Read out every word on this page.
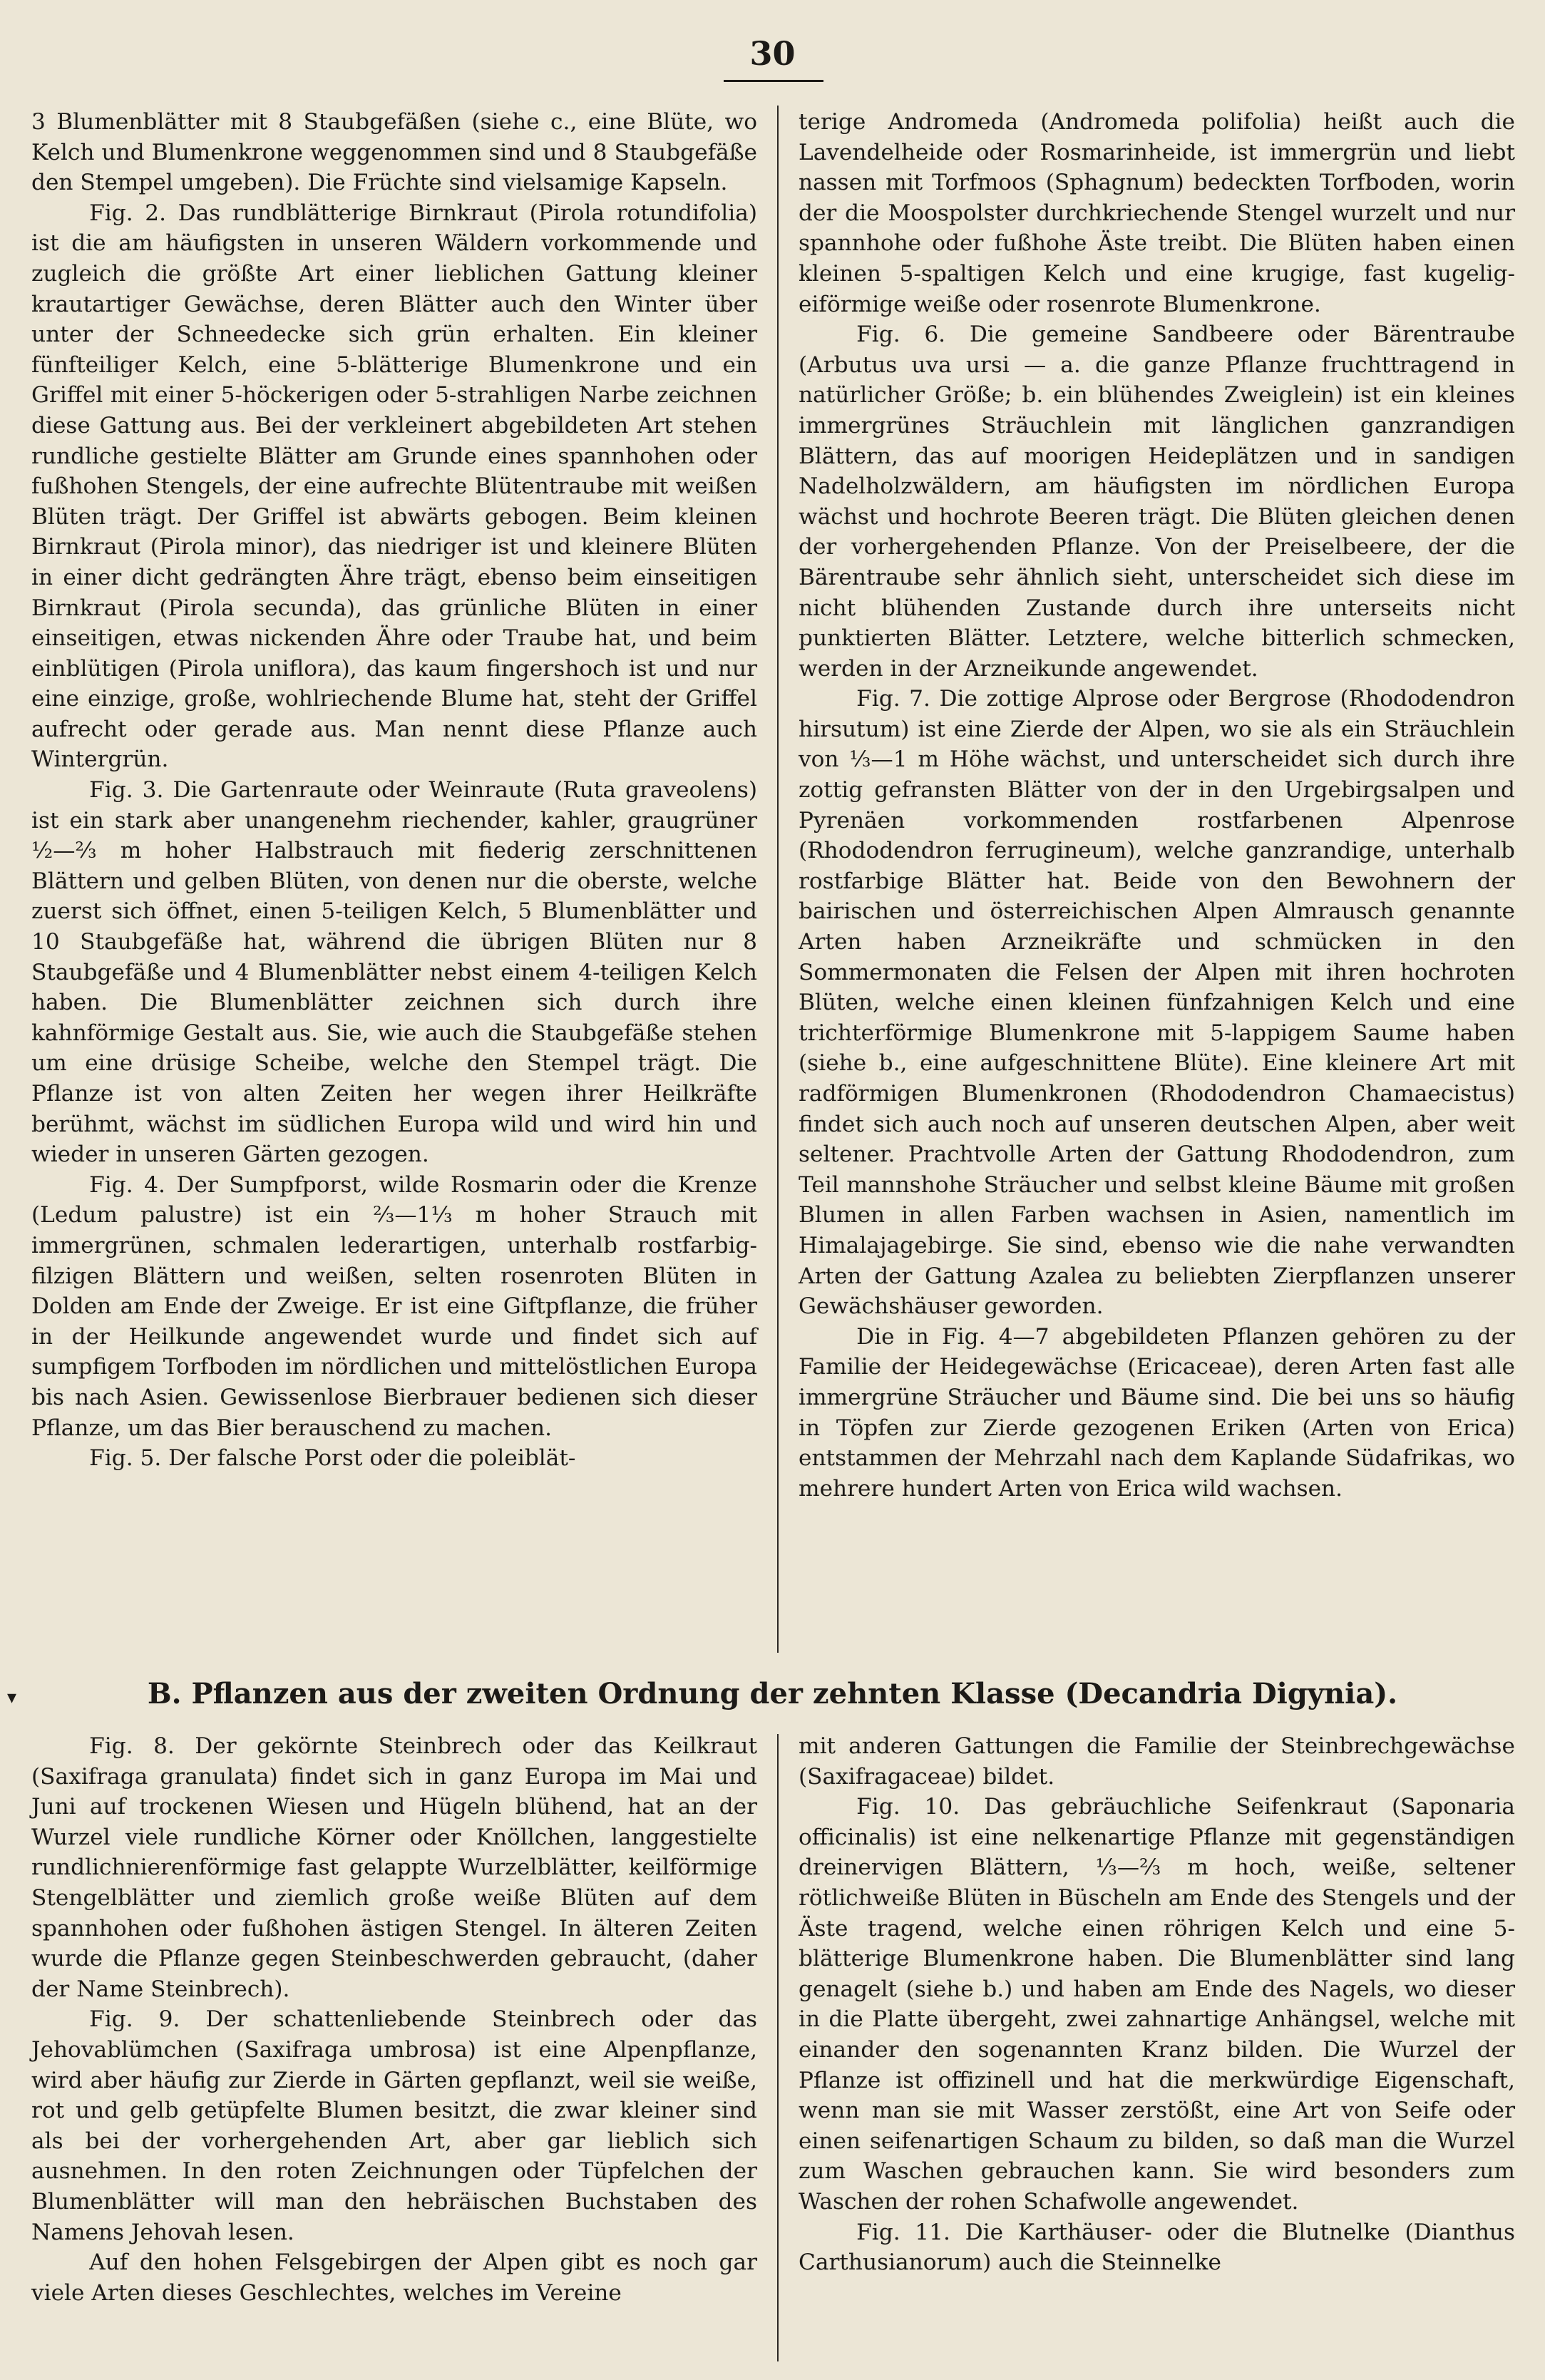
30

3 Blumenblätter mit 8 Staubgefäßen (siehe c., eine Blüte, wo Kelch und Blumenkrone weggenommen sind und 8 Staubgefäße den Stempel umgeben). Die Früchte sind vielsamige Kapseln.

Fig. 2. Das rundblätterige Birnkraut (Pirola rotundifolia) ist die am häufigsten in unseren Wäldern vorkommende und zugleich die größte Art einer lieblichen Gattung kleiner krautartiger Gewächse, deren Blätter auch den Winter über unter der Schneedecke sich grün erhalten. Ein kleiner fünfteiliger Kelch, eine 5-blätterige Blumenkrone und ein Griffel mit einer 5-höckerigen oder 5-strahligen Narbe zeichnen diese Gattung aus. Bei der verkleinert abgebildeten Art stehen rundliche gestielte Blätter am Grunde eines spannhohen oder fußhohen Stengels, der eine aufrechte Blütentraube mit weißen Blüten trägt. Der Griffel ist abwärts gebogen. Beim kleinen Birnkraut (Pirola minor), das niedriger ist und kleinere Blüten in einer dicht gedrängten Ähre trägt, ebenso beim einseitigen Birnkraut (Pirola secunda), das grünliche Blüten in einer einseitigen, etwas nickenden Ähre oder Traube hat, und beim einblütigen (Pirola uniflora), das kaum fingershoch ist und nur eine einzige, große, wohlriechende Blume hat, steht der Griffel aufrecht oder gerade aus. Man nennt diese Pflanze auch Wintergrün.

Fig. 3. Die Gartenraute oder Weinraute (Ruta graveolens) ist ein stark aber unangenehm riechender, kahler, graugrüner ½—⅔ m hoher Halbstrauch mit fiederig zerschnittenen Blättern und gelben Blüten, von denen nur die oberste, welche zuerst sich öffnet, einen 5-teiligen Kelch, 5 Blumenblätter und 10 Staubgefäße hat, während die übrigen Blüten nur 8 Staubgefäße und 4 Blumenblätter nebst einem 4-teiligen Kelch haben. Die Blumenblätter zeichnen sich durch ihre kahnförmige Gestalt aus. Sie, wie auch die Staubgefäße stehen um eine drüsige Scheibe, welche den Stempel trägt. Die Pflanze ist von alten Zeiten her wegen ihrer Heilkräfte berühmt, wächst im südlichen Europa wild und wird hin und wieder in unseren Gärten gezogen.

Fig. 4. Der Sumpfporst, wilde Rosmarin oder die Krenze (Ledum palustre) ist ein ⅔—1⅓ m hoher Strauch mit immergrünen, schmalen lederartigen, unterhalb rostfarbig-filzigen Blättern und weißen, selten rosenroten Blüten in Dolden am Ende der Zweige. Er ist eine Giftpflanze, die früher in der Heilkunde angewendet wurde und findet sich auf sumpfigem Torfboden im nördlichen und mittelöstlichen Europa bis nach Asien. Gewissenlose Bierbrauer bedienen sich dieser Pflanze, um das Bier berauschend zu machen.

Fig. 5. Der falsche Porst oder die poleiblät-

terige Andromeda (Andromeda polifolia) heißt auch die Lavendelheide oder Rosmarinheide, ist immergrün und liebt nassen mit Torfmoos (Sphagnum) bedeckten Torfboden, worin der die Moospolster durchkriechende Stengel wurzelt und nur spannhohe oder fußhohe Äste treibt. Die Blüten haben einen kleinen 5-spaltigen Kelch und eine krugige, fast kugelig-eiförmige weiße oder rosenrote Blumenkrone.

Fig. 6. Die gemeine Sandbeere oder Bärentraube (Arbutus uva ursi — a. die ganze Pflanze fruchttragend in natürlicher Größe; b. ein blühendes Zweiglein) ist ein kleines immergrünes Sträuchlein mit länglichen ganzrandigen Blättern, das auf moorigen Heideplätzen und in sandigen Nadelholzwäldern, am häufigsten im nördlichen Europa wächst und hochrote Beeren trägt. Die Blüten gleichen denen der vorhergehenden Pflanze. Von der Preiselbeere, der die Bärentraube sehr ähnlich sieht, unterscheidet sich diese im nicht blühenden Zustande durch ihre unterseits nicht punktierten Blätter. Letztere, welche bitterlich schmecken, werden in der Arzneikunde angewendet.

Fig. 7. Die zottige Alprose oder Bergrose (Rhododendron hirsutum) ist eine Zierde der Alpen, wo sie als ein Sträuchlein von ⅓—1 m Höhe wächst, und unterscheidet sich durch ihre zottig gefransten Blätter von der in den Urgebirgsalpen und Pyrenäen vorkommenden rostfarbenen Alpenrose (Rhododendron ferrugineum), welche ganzrandige, unterhalb rostfarbige Blätter hat. Beide von den Bewohnern der bairischen und österreichischen Alpen Almrausch genannte Arten haben Arzneikräfte und schmücken in den Sommermonaten die Felsen der Alpen mit ihren hochroten Blüten, welche einen kleinen fünfzahnigen Kelch und eine trichterförmige Blumenkrone mit 5-lappigem Saume haben (siehe b., eine aufgeschnittene Blüte). Eine kleinere Art mit radförmigen Blumenkronen (Rhododendron Chamaecistus) findet sich auch noch auf unseren deutschen Alpen, aber weit seltener. Prachtvolle Arten der Gattung Rhododendron, zum Teil mannshohe Sträucher und selbst kleine Bäume mit großen Blumen in allen Farben wachsen in Asien, namentlich im Himalajagebirge. Sie sind, ebenso wie die nahe verwandten Arten der Gattung Azalea zu beliebten Zierpflanzen unserer Gewächshäuser geworden.

Die in Fig. 4—7 abgebildeten Pflanzen gehören zu der Familie der Heidegewächse (Ericaceae), deren Arten fast alle immergrüne Sträucher und Bäume sind. Die bei uns so häufig in Töpfen zur Zierde gezogenen Eriken (Arten von Erica) entstammen der Mehrzahl nach dem Kaplande Südafrikas, wo mehrere hundert Arten von Erica wild wachsen.

▾	B. Pflanzen aus der zweiten Ordnung der zehnten Klasse (Decandria Digynia).

Fig. 8. Der gekörnte Steinbrech oder das Keilkraut (Saxifraga granulata) findet sich in ganz Europa im Mai und Juni auf trockenen Wiesen und Hügeln blühend, hat an der Wurzel viele rundliche Körner oder Knöllchen, langgestielte rundlichnierenförmige fast gelappte Wurzelblätter, keilförmige Stengelblätter und ziemlich große weiße Blüten auf dem spannhohen oder fußhohen ästigen Stengel. In älteren Zeiten wurde die Pflanze gegen Steinbeschwerden gebraucht, (daher der Name Steinbrech).

Fig. 9. Der schattenliebende Steinbrech oder das Jehovablümchen (Saxifraga umbrosa) ist eine Alpenpflanze, wird aber häufig zur Zierde in Gärten gepflanzt, weil sie weiße, rot und gelb getüpfelte Blumen besitzt, die zwar kleiner sind als bei der vorhergehenden Art, aber gar lieblich sich ausnehmen. In den roten Zeichnungen oder Tüpfelchen der Blumenblätter will man den hebräischen Buchstaben des Namens Jehovah lesen.

Auf den hohen Felsgebirgen der Alpen gibt es noch gar viele Arten dieses Geschlechtes, welches im Vereine

mit anderen Gattungen die Familie der Steinbrechgewächse (Saxifragaceae) bildet.

Fig. 10. Das gebräuchliche Seifenkraut (Saponaria officinalis) ist eine nelkenartige Pflanze mit gegenständigen dreinervigen Blättern, ⅓—⅔ m hoch, weiße, seltener rötlichweiße Blüten in Büscheln am Ende des Stengels und der Äste tragend, welche einen röhrigen Kelch und eine 5-blätterige Blumenkrone haben. Die Blumenblätter sind lang genagelt (siehe b.) und haben am Ende des Nagels, wo dieser in die Platte übergeht, zwei zahnartige Anhängsel, welche mit einander den sogenannten Kranz bilden. Die Wurzel der Pflanze ist offizinell und hat die merkwürdige Eigenschaft, wenn man sie mit Wasser zerstößt, eine Art von Seife oder einen seifenartigen Schaum zu bilden, so daß man die Wurzel zum Waschen gebrauchen kann. Sie wird besonders zum Waschen der rohen Schafwolle angewendet.

Fig. 11. Die Karthäuser- oder die Blutnelke (Dianthus Carthusianorum) auch die Steinnelke
